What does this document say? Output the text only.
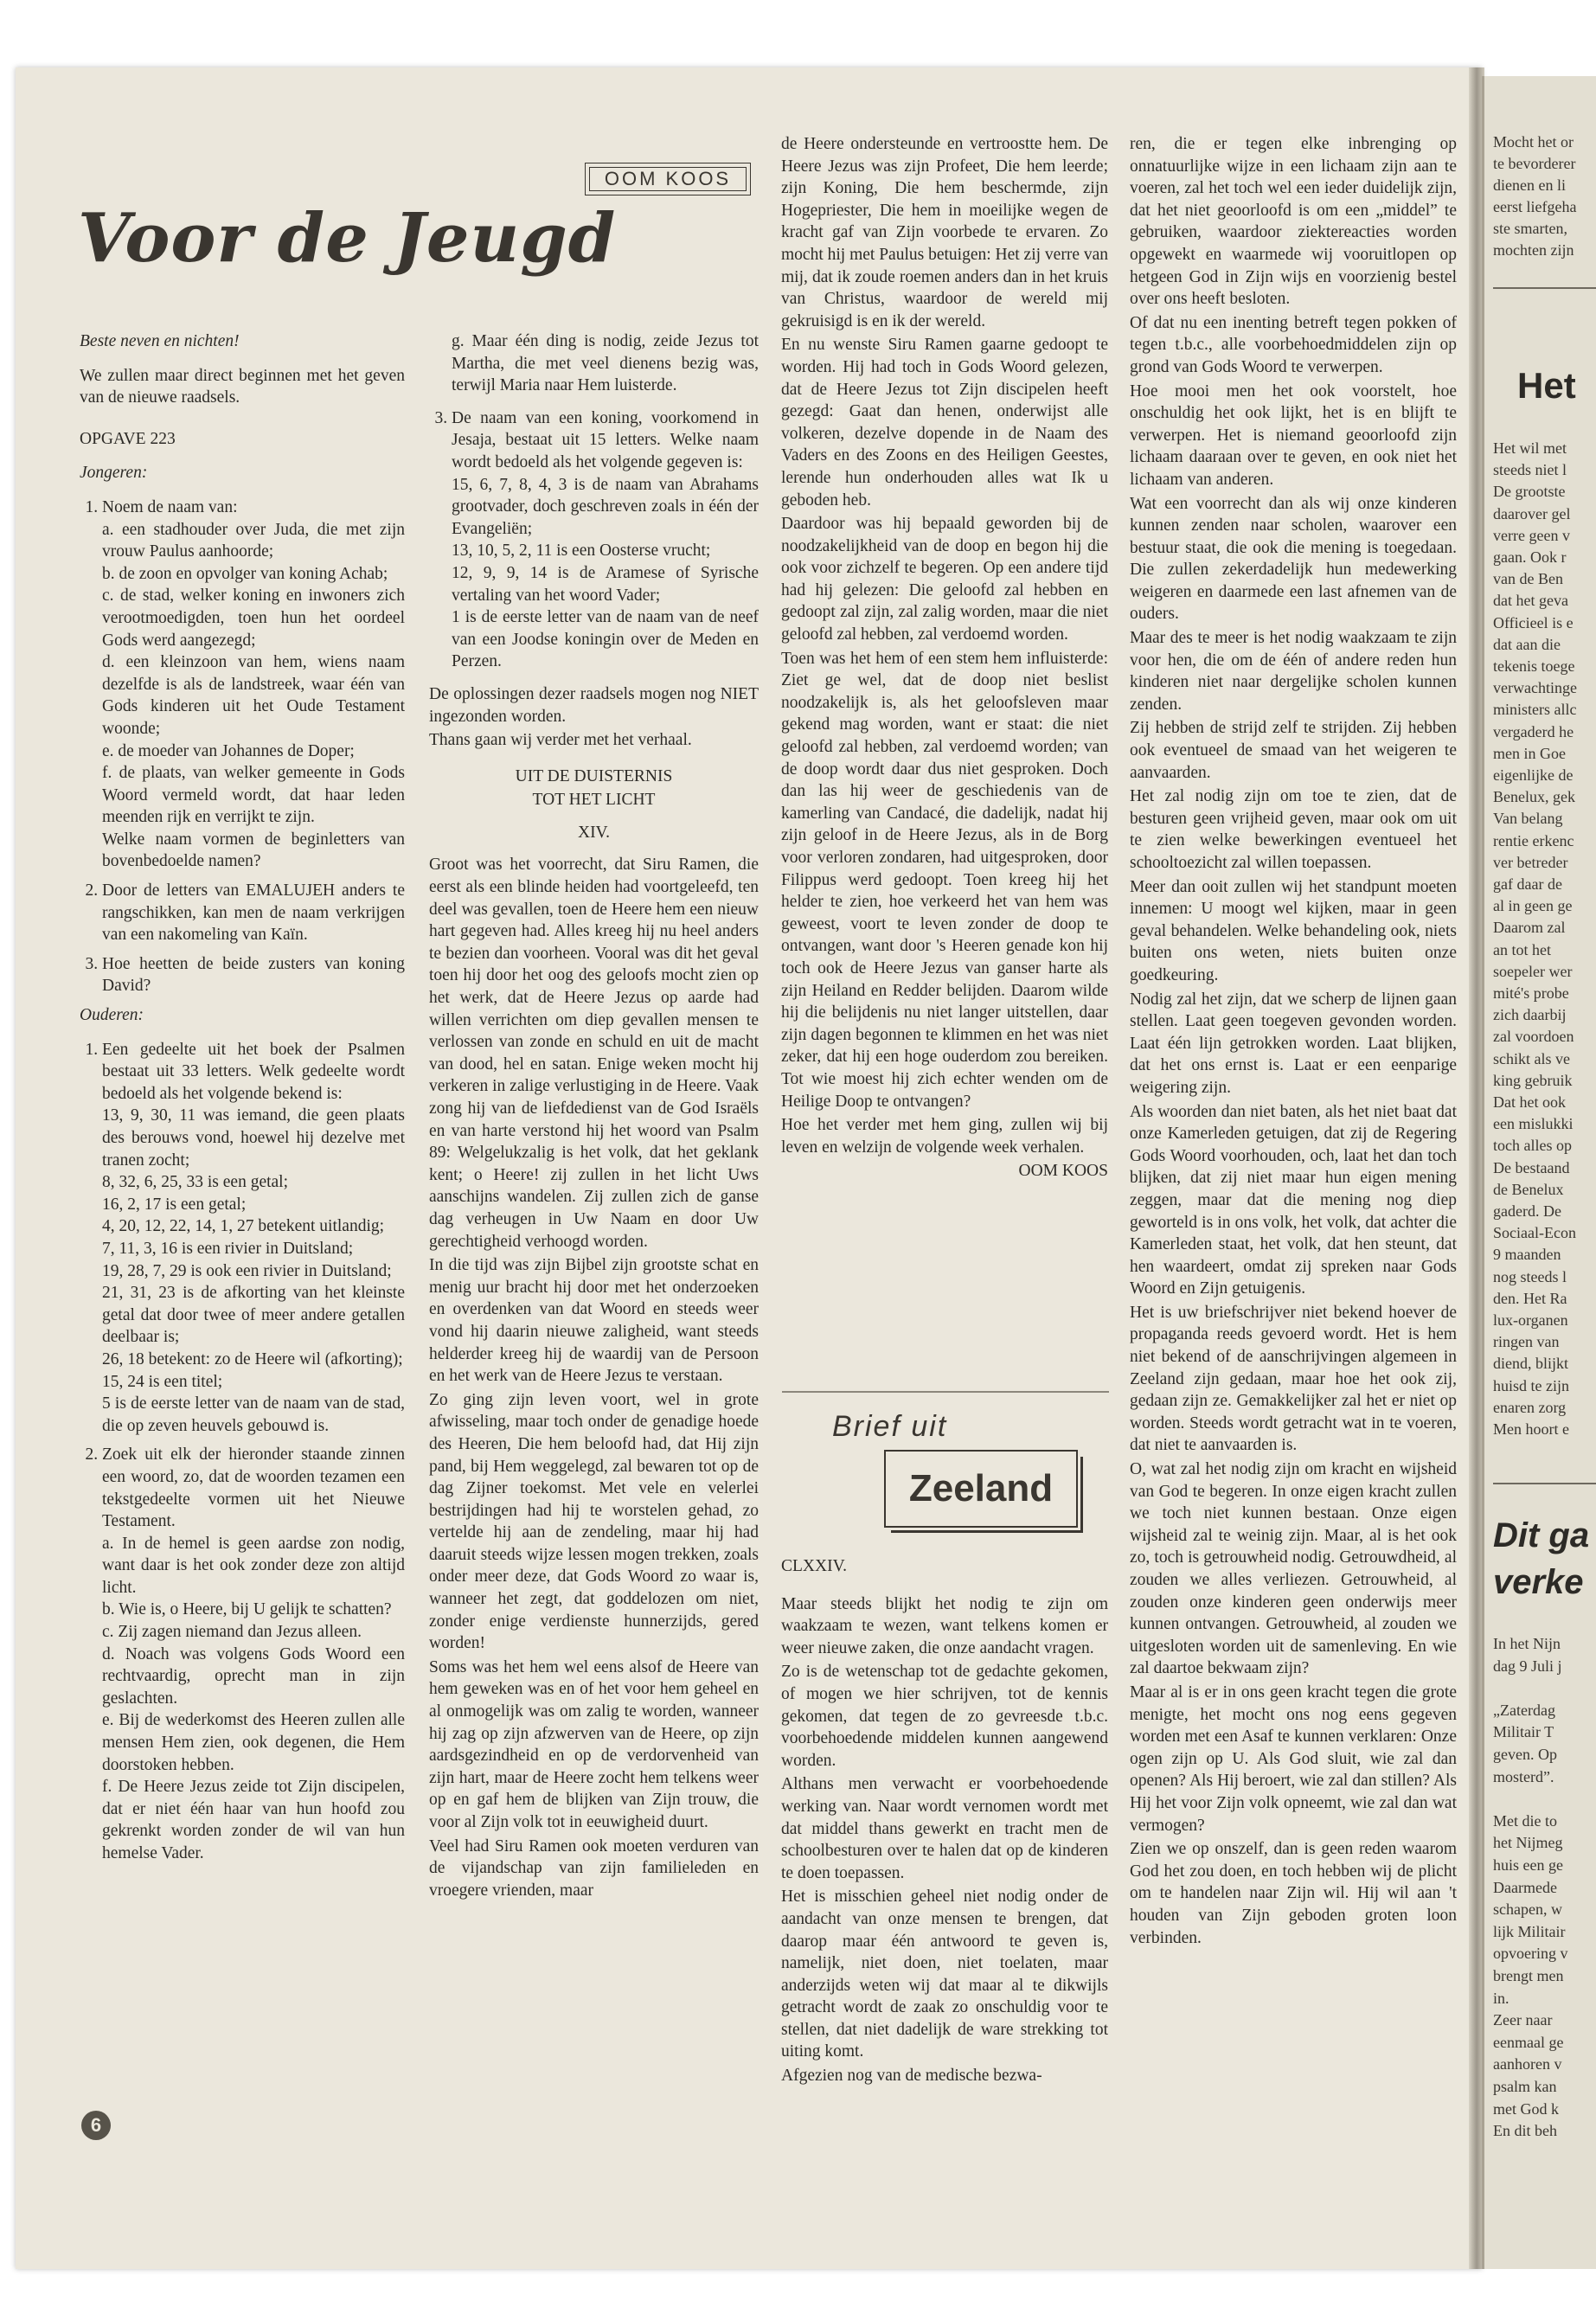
OOM KOOS
Voor de Jeugd

Beste neven en nichten!

We zullen maar direct beginnen met het geven van de nieuwe raadsels.

OPGAVE 223

Jongeren:

1. Noem de naam van:
a. een stadhouder over Juda, die met zijn vrouw Paulus aanhoorde;
b. de zoon en opvolger van koning Achab;
c. de stad, welker koning en inwoners zich verootmoedigden, toen hun het oordeel Gods werd aangezegd;
d. een kleinzoon van hem, wiens naam dezelfde is als de landstreek, waar één van Gods kinderen uit het Oude Testament woonde;
e. de moeder van Johannes de Doper;
f. de plaats, van welker gemeente in Gods Woord vermeld wordt, dat haar leden meenden rijk en verrijkt te zijn.
Welke naam vormen de beginletters van bovenbedoelde namen?
2. Door de letters van EMALUJEH anders te rangschikken, kan men de naam verkrijgen van een nakomeling van Kaïn.
3. Hoe heetten de beide zusters van koning David?

Ouderen:

1. Een gedeelte uit het boek der Psalmen bestaat uit 33 letters. Welk gedeelte wordt bedoeld als het volgende bekend is:
13, 9, 30, 11 was iemand, die geen plaats des berouws vond, hoewel hij dezelve met tranen zocht;
8, 32, 6, 25, 33 is een getal;
16, 2, 17 is een getal;
4, 20, 12, 22, 14, 1, 27 betekent uitlandig;
7, 11, 3, 16 is een rivier in Duitsland;
19, 28, 7, 29 is ook een rivier in Duitsland;
21, 31, 23 is de afkorting van het kleinste getal dat door twee of meer andere getallen deelbaar is;
26, 18 betekent: zo de Heere wil (afkorting);
15, 24 is een titel;
5 is de eerste letter van de naam van de stad, die op zeven heuvels gebouwd is.
2. Zoek uit elk der hieronder staande zinnen een woord, zo, dat de woorden tezamen een tekstgedeelte vormen uit het Nieuwe Testament.
a. In de hemel is geen aardse zon nodig, want daar is het ook zonder deze zon altijd licht.
b. Wie is, o Heere, bij U gelijk te schatten?
c. Zij zagen niemand dan Jezus alleen.
d. Noach was volgens Gods Woord een rechtvaardig, oprecht man in zijn geslachten.
e. Bij de wederkomst des Heeren zullen alle mensen Hem zien, ook degenen, die Hem doorstoken hebben.
f. De Heere Jezus zeide tot Zijn discipelen, dat er niet één haar van hun hoofd zou gekrenkt worden zonder de wil van hun hemelse Vader.

g. Maar één ding is nodig, zeide Jezus tot Martha, die met veel dienens bezig was, terwijl Maria naar Hem luisterde.

3. De naam van een koning, voorkomend in Jesaja, bestaat uit 15 letters. Welke naam wordt bedoeld als het volgende gegeven is:
15, 6, 7, 8, 4, 3 is de naam van Abrahams grootvader, doch geschreven zoals in één der Evangeliën;
13, 10, 5, 2, 11 is een Oosterse vrucht;
12, 9, 9, 14 is de Aramese of Syrische vertaling van het woord Vader;
1 is de eerste letter van de naam van de neef van een Joodse koningin over de Meden en Perzen.

De oplossingen dezer raadsels mogen nog NIET ingezonden worden.

Thans gaan wij verder met het verhaal.

UIT DE DUISTERNIS

TOT HET LICHT

XIV.

Groot was het voorrecht, dat Siru Ramen, die eerst als een blinde heiden had voortgeleefd, ten deel was gevallen, toen de Heere hem een nieuw hart gegeven had. Alles kreeg hij nu heel anders te bezien dan voorheen. Vooral was dit het geval toen hij door het oog des geloofs mocht zien op het werk, dat de Heere Jezus op aarde had willen verrichten om diep gevallen mensen te verlossen van zonde en schuld en uit de macht van dood, hel en satan. Enige weken mocht hij verkeren in zalige verlustiging in de Heere. Vaak zong hij van de liefdedienst van de God Israëls en van harte verstond hij het woord van Psalm 89: Welgelukzalig is het volk, dat het geklank kent; o Heere! zij zullen in het licht Uws aanschijns wandelen. Zij zullen zich de ganse dag verheugen in Uw Naam en door Uw gerechtigheid verhoogd worden.

In die tijd was zijn Bijbel zijn grootste schat en menig uur bracht hij door met het onderzoeken en overdenken van dat Woord en steeds weer vond hij daarin nieuwe zaligheid, want steeds helderder kreeg hij de waardij van de Persoon en het werk van de Heere Jezus te verstaan.

Zo ging zijn leven voort, wel in grote afwisseling, maar toch onder de genadige hoede des Heeren, Die hem beloofd had, dat Hij zijn pand, bij Hem weggelegd, zal bewaren tot op de dag Zijner toekomst. Met vele en velerlei bestrijdingen had hij te worstelen gehad, zo vertelde hij aan de zendeling, maar hij had daaruit steeds wijze lessen mogen trekken, zoals onder meer deze, dat Gods Woord zo waar is, wanneer het zegt, dat goddelozen om niet, zonder enige verdienste hunnerzijds, gered worden!

Soms was het hem wel eens alsof de Heere van hem geweken was en of het voor hem geheel en al onmogelijk was om zalig te worden, wanneer hij zag op zijn afzwerven van de Heere, op zijn aardsgezindheid en op de verdorvenheid van zijn hart, maar de Heere zocht hem telkens weer op en gaf hem de blijken van Zijn trouw, die voor al Zijn volk tot in eeuwigheid duurt.

Veel had Siru Ramen ook moeten verduren van de vijandschap van zijn familieleden en vroegere vrienden, maar

de Heere ondersteunde en vertroostte hem. De Heere Jezus was zijn Profeet, Die hem leerde; zijn Koning, Die hem beschermde, zijn Hogepriester, Die hem in moeilijke wegen de kracht gaf van Zijn voorbede te ervaren. Zo mocht hij met Paulus betuigen: Het zij verre van mij, dat ik zoude roemen anders dan in het kruis van Christus, waardoor de wereld mij gekruisigd is en ik der wereld.

En nu wenste Siru Ramen gaarne gedoopt te worden. Hij had toch in Gods Woord gelezen, dat de Heere Jezus tot Zijn discipelen heeft gezegd: Gaat dan henen, onderwijst alle volkeren, dezelve dopende in de Naam des Vaders en des Zoons en des Heiligen Geestes, lerende hun onderhouden alles wat Ik u geboden heb.

Daardoor was hij bepaald geworden bij de noodzakelijkheid van de doop en begon hij die ook voor zichzelf te begeren. Op een andere tijd had hij gelezen: Die geloofd zal hebben en gedoopt zal zijn, zal zalig worden, maar die niet geloofd zal hebben, zal verdoemd worden.

Toen was het hem of een stem hem influisterde: Ziet ge wel, dat de doop niet beslist noodzakelijk is, als het geloofsleven maar gekend mag worden, want er staat: die niet geloofd zal hebben, zal verdoemd worden; van de doop wordt daar dus niet gesproken. Doch dan las hij weer de geschiedenis van de kamerling van Candacé, die dadelijk, nadat hij zijn geloof in de Heere Jezus, als in de Borg voor verloren zondaren, had uitgesproken, door Filippus werd gedoopt. Toen kreeg hij het helder te zien, hoe verkeerd het van hem was geweest, voort te leven zonder de doop te ontvangen, want door 's Heeren genade kon hij toch ook de Heere Jezus van ganser harte als zijn Heiland en Redder belijden. Daarom wilde hij die belijdenis nu niet langer uitstellen, daar zijn dagen begonnen te klimmen en het was niet zeker, dat hij een hoge ouderdom zou bereiken. Tot wie moest hij zich echter wenden om de Heilige Doop te ontvangen?

Hoe het verder met hem ging, zullen wij bij leven en welzijn de volgende week verhalen.

OOM KOOS

Brief uit
Zeeland

CLXXIV.

Maar steeds blijkt het nodig te zijn om waakzaam te wezen, want telkens komen er weer nieuwe zaken, die onze aandacht vragen.

Zo is de wetenschap tot de gedachte gekomen, of mogen we hier schrijven, tot de kennis gekomen, dat tegen de zo gevreesde t.b.c. voorbehoedende middelen kunnen aangewend worden.

Althans men verwacht er voorbehoedende werking van. Naar wordt vernomen wordt met dat middel thans gewerkt en tracht men de schoolbesturen over te halen dat op de kinderen te doen toepassen.

Het is misschien geheel niet nodig onder de aandacht van onze mensen te brengen, dat daarop maar één antwoord te geven is, namelijk, niet doen, niet toelaten, maar anderzijds weten wij dat maar al te dikwijls getracht wordt de zaak zo onschuldig voor te stellen, dat niet dadelijk de ware strekking tot uiting komt.

Afgezien nog van de medische bezwa-

ren, die er tegen elke inbrenging op onnatuurlijke wijze in een lichaam zijn aan te voeren, zal het toch wel een ieder duidelijk zijn, dat het niet geoorloofd is om een „middel” te gebruiken, waardoor ziektereacties worden opgewekt en waarmede wij vooruitlopen op hetgeen God in Zijn wijs en voorzienig bestel over ons heeft besloten.

Of dat nu een inenting betreft tegen pokken of tegen t.b.c., alle voorbehoedmiddelen zijn op grond van Gods Woord te verwerpen.

Hoe mooi men het ook voorstelt, hoe onschuldig het ook lijkt, het is en blijft te verwerpen. Het is niemand geoorloofd zijn lichaam daaraan over te geven, en ook niet het lichaam van anderen.

Wat een voorrecht dan als wij onze kinderen kunnen zenden naar scholen, waarover een bestuur staat, die ook die mening is toegedaan. Die zullen zekerdadelijk hun medewerking weigeren en daarmede een last afnemen van de ouders.

Maar des te meer is het nodig waakzaam te zijn voor hen, die om de één of andere reden hun kinderen niet naar dergelijke scholen kunnen zenden.

Zij hebben de strijd zelf te strijden. Zij hebben ook eventueel de smaad van het weigeren te aanvaarden.

Het zal nodig zijn om toe te zien, dat de besturen geen vrijheid geven, maar ook om uit te zien welke bewerkingen eventueel het schooltoezicht zal willen toepassen.

Meer dan ooit zullen wij het standpunt moeten innemen: U moogt wel kijken, maar in geen geval behandelen. Welke behandeling ook, niets buiten ons weten, niets buiten onze goedkeuring.

Nodig zal het zijn, dat we scherp de lijnen gaan stellen. Laat geen toegeven gevonden worden. Laat één lijn getrokken worden. Laat blijken, dat het ons ernst is. Laat er een eenparige weigering zijn.

Als woorden dan niet baten, als het niet baat dat onze Kamerleden getuigen, dat zij de Regering Gods Woord voorhouden, och, laat het dan toch blijken, dat zij niet maar hun eigen mening zeggen, maar dat die mening nog diep geworteld is in ons volk, het volk, dat achter die Kamerleden staat, het volk, dat hen steunt, dat hen waardeert, omdat zij spreken naar Gods Woord en Zijn getuigenis.

Het is uw briefschrijver niet bekend hoever de propaganda reeds gevoerd wordt. Het is hem niet bekend of de aanschrijvingen algemeen in Zeeland zijn gedaan, maar hoe het ook zij, gedaan zijn ze. Gemakkelijker zal het er niet op worden. Steeds wordt getracht wat in te voeren, dat niet te aanvaarden is.

O, wat zal het nodig zijn om kracht en wijsheid van God te begeren. In onze eigen kracht zullen we toch niet kunnen bestaan. Onze eigen wijsheid zal te weinig zijn. Maar, al is het ook zo, toch is getrouwheid nodig. Getrouwdheid, al zouden we alles verliezen. Getrouwheid, al zouden onze kinderen geen onderwijs meer kunnen ontvangen. Getrouwheid, al zouden we uitgesloten worden uit de samenleving. En wie zal daartoe bekwaam zijn?

Maar al is er in ons geen kracht tegen die grote menigte, het mocht ons nog eens gegeven worden met een Asaf te kunnen verklaren: Onze ogen zijn op U. Als God sluit, wie zal dan openen? Als Hij beroert, wie zal dan stillen? Als Hij het voor Zijn volk opneemt, wie zal dan wat vermogen?

Zien we op onszelf, dan is geen reden waarom God het zou doen, en toch hebben wij de plicht om te handelen naar Zijn wil. Hij wil aan 't houden van Zijn geboden groten loon verbinden.

6
Mocht het or
te bevorderer
dienen en li
eerst liefgeha
ste smarten,
mochten zijn
Het
Het wil met
steeds niet l
De grootste
daarover gel
verre geen v
gaan. Ook r
van de Ben
dat het geva
Officieel is e
dat aan die
tekenis toege
verwachtinge
ministers allc
vergaderd he
men in Goe
eigenlijke de
Benelux, gek
Van belang
rentie erkenc
ver betreder
gaf daar de
al in geen ge
Daarom zal
an tot het
soepeler wer
mité's probe
zich daarbij
zal voordoen
schikt als ve
king gebruik
Dat het ook
een mislukki
toch alles op
De bestaand
de Benelux
gaderd. De
Sociaal-Econ
9 maanden
nog steeds l
den. Het Ra
lux-organen
ringen van
diend, blijkt
huisd te zijn
enaren zorg
Men hoort e
Dit ga
verke
In het Nijn
dag 9 Juli j
„Zaterdag
Militair T
geven. Op
mosterd”.
Met die to
het Nijmeg
huis een ge
Daarmede
schapen, w
lijk Militair
opvoering v
brengt men
in.
Zeer naar
eenmaal ge
aanhoren v
psalm kan
met God k
En dit beh
